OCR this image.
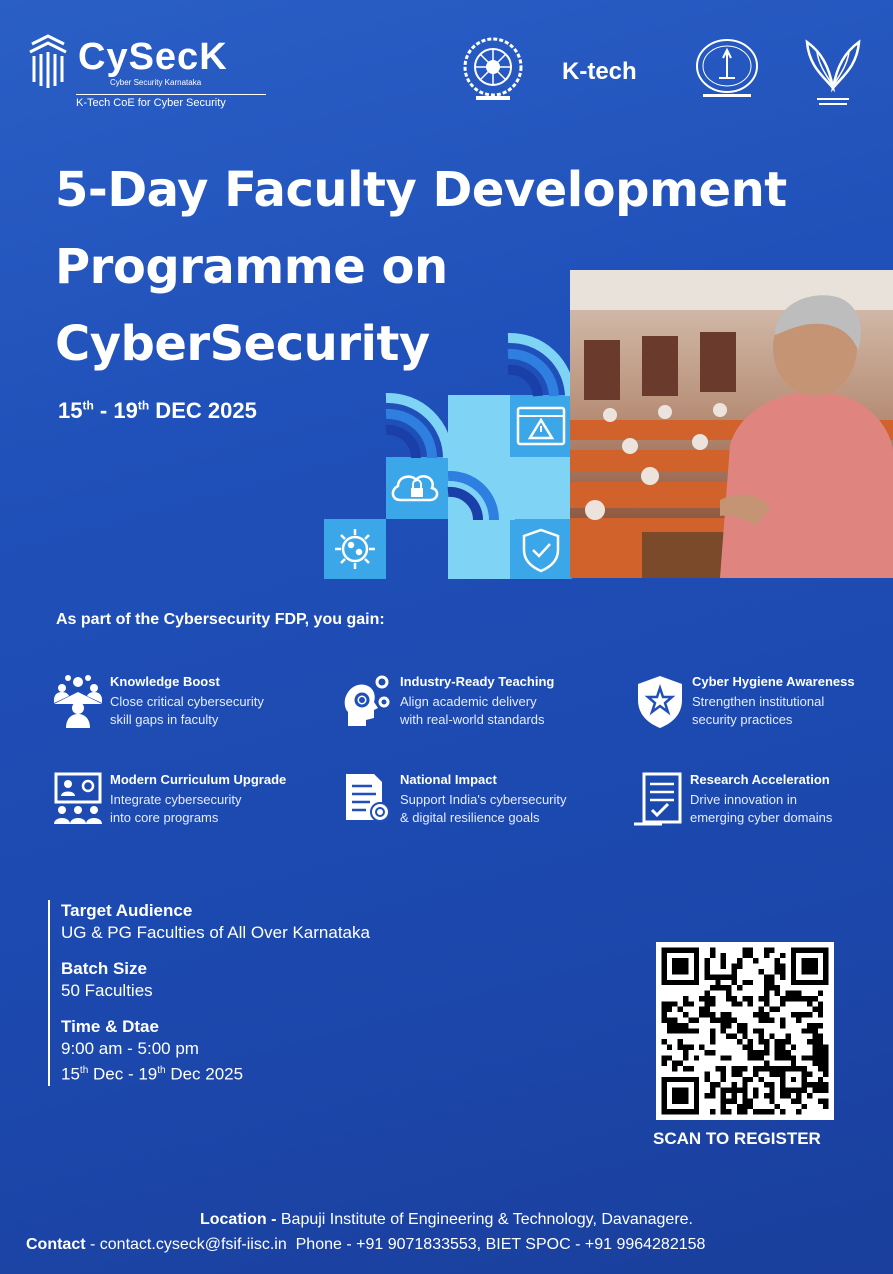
CySecK
Cyber Security Karnataka
K-Tech CoE for Cyber Security
K-tech
5-Day Faculty Development
Programme on
CyberSecurity
15th - 19th DEC 2025
As part of the Cybersecurity FDP, you gain:
Knowledge Boost
Close critical cybersecurity
skill gaps in faculty
Industry-Ready Teaching
Align academic delivery
with real-world standards
Cyber Hygiene Awareness
Strengthen institutional
security practices
Modern Curriculum Upgrade
Integrate cybersecurity
into core programs
National Impact
Support India's cybersecurity
& digital resilience goals
Research Acceleration
Drive innovation in
emerging cyber domains
Target Audience
UG & PG Faculties of All Over Karnataka
Batch Size
50 Faculties
Time & Dtae
9:00 am - 5:00 pm
15th Dec - 19th Dec 2025
SCAN TO REGISTER
Location - Bapuji Institute of Engineering & Technology, Davanagere.
Contact - contact.cyseck@fsif-iisc.in  Phone - +91 9071833553, BIET SPOC - +91 9964282158
